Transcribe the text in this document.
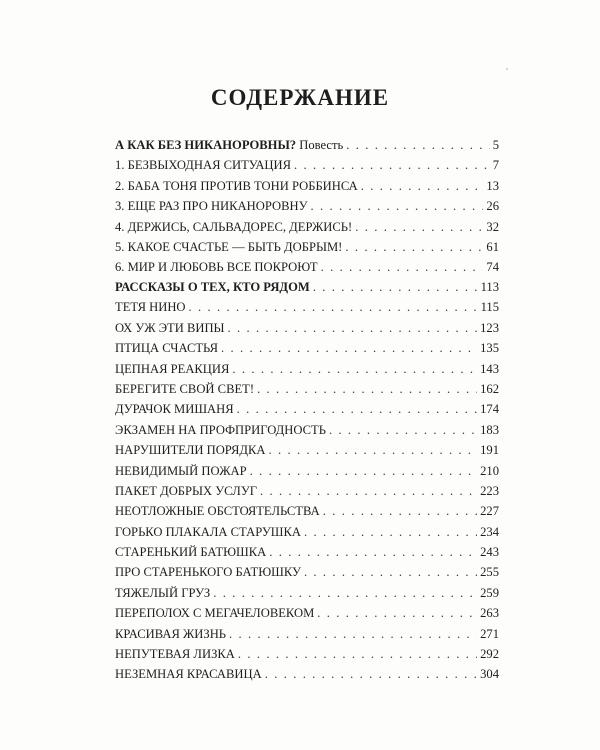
СОДЕРЖАНИЕ
А КАК БЕЗ НИКАНОРОВНЫ? Повесть . . .	5
1. БЕЗВЫХОДНАЯ СИТУАЦИЯ . . .	7
2. БАБА ТОНЯ ПРОТИВ ТОНИ РОББИНСА . . .	13
3. ЕЩЕ РАЗ ПРО НИКАНОРОВНУ . . .	26
4. ДЕРЖИСЬ, САЛЬВАДОРЕС, ДЕРЖИСЬ! . . .	32
5. КАКОЕ СЧАСТЬЕ — БЫТЬ ДОБРЫМ! . . .	61
6. МИР И ЛЮБОВЬ ВСЕ ПОКРОЮТ . . .	74
РАССКАЗЫ О ТЕХ, КТО РЯДОМ . . .	113
ТЕТЯ НИНО . . .	115
ОХ УЖ ЭТИ ВИПЫ . . .	123
ПТИЦА СЧАСТЬЯ . . .	135
ЦЕПНАЯ РЕАКЦИЯ . . .	143
БЕРЕГИТЕ СВОЙ СВЕТ! . . .	162
ДУРАЧОК МИШАНЯ . . .	174
ЭКЗАМЕН НА ПРОФПРИГОДНОСТЬ . . .	183
НАРУШИТЕЛИ ПОРЯДКА . . .	191
НЕВИДИМЫЙ ПОЖАР . . .	210
ПАКЕТ ДОБРЫХ УСЛУГ . . .	223
НЕОТЛОЖНЫЕ ОБСТОЯТЕЛЬСТВА . . .	227
ГОРЬКО ПЛАКАЛА СТАРУШКА . . .	234
СТАРЕНЬКИЙ БАТЮШКА . . .	243
ПРО СТАРЕНЬКОГО БАТЮШКУ . . .	255
ТЯЖЕЛЫЙ ГРУЗ . . .	259
ПЕРЕПОЛОХ С МЕГАЧЕЛОВЕКОМ . . .	263
КРАСИВАЯ ЖИЗНЬ . . .	271
НЕПУТЕВАЯ ЛИЗКА . . .	292
НЕЗЕМНАЯ КРАСАВИЦА . . .	304
